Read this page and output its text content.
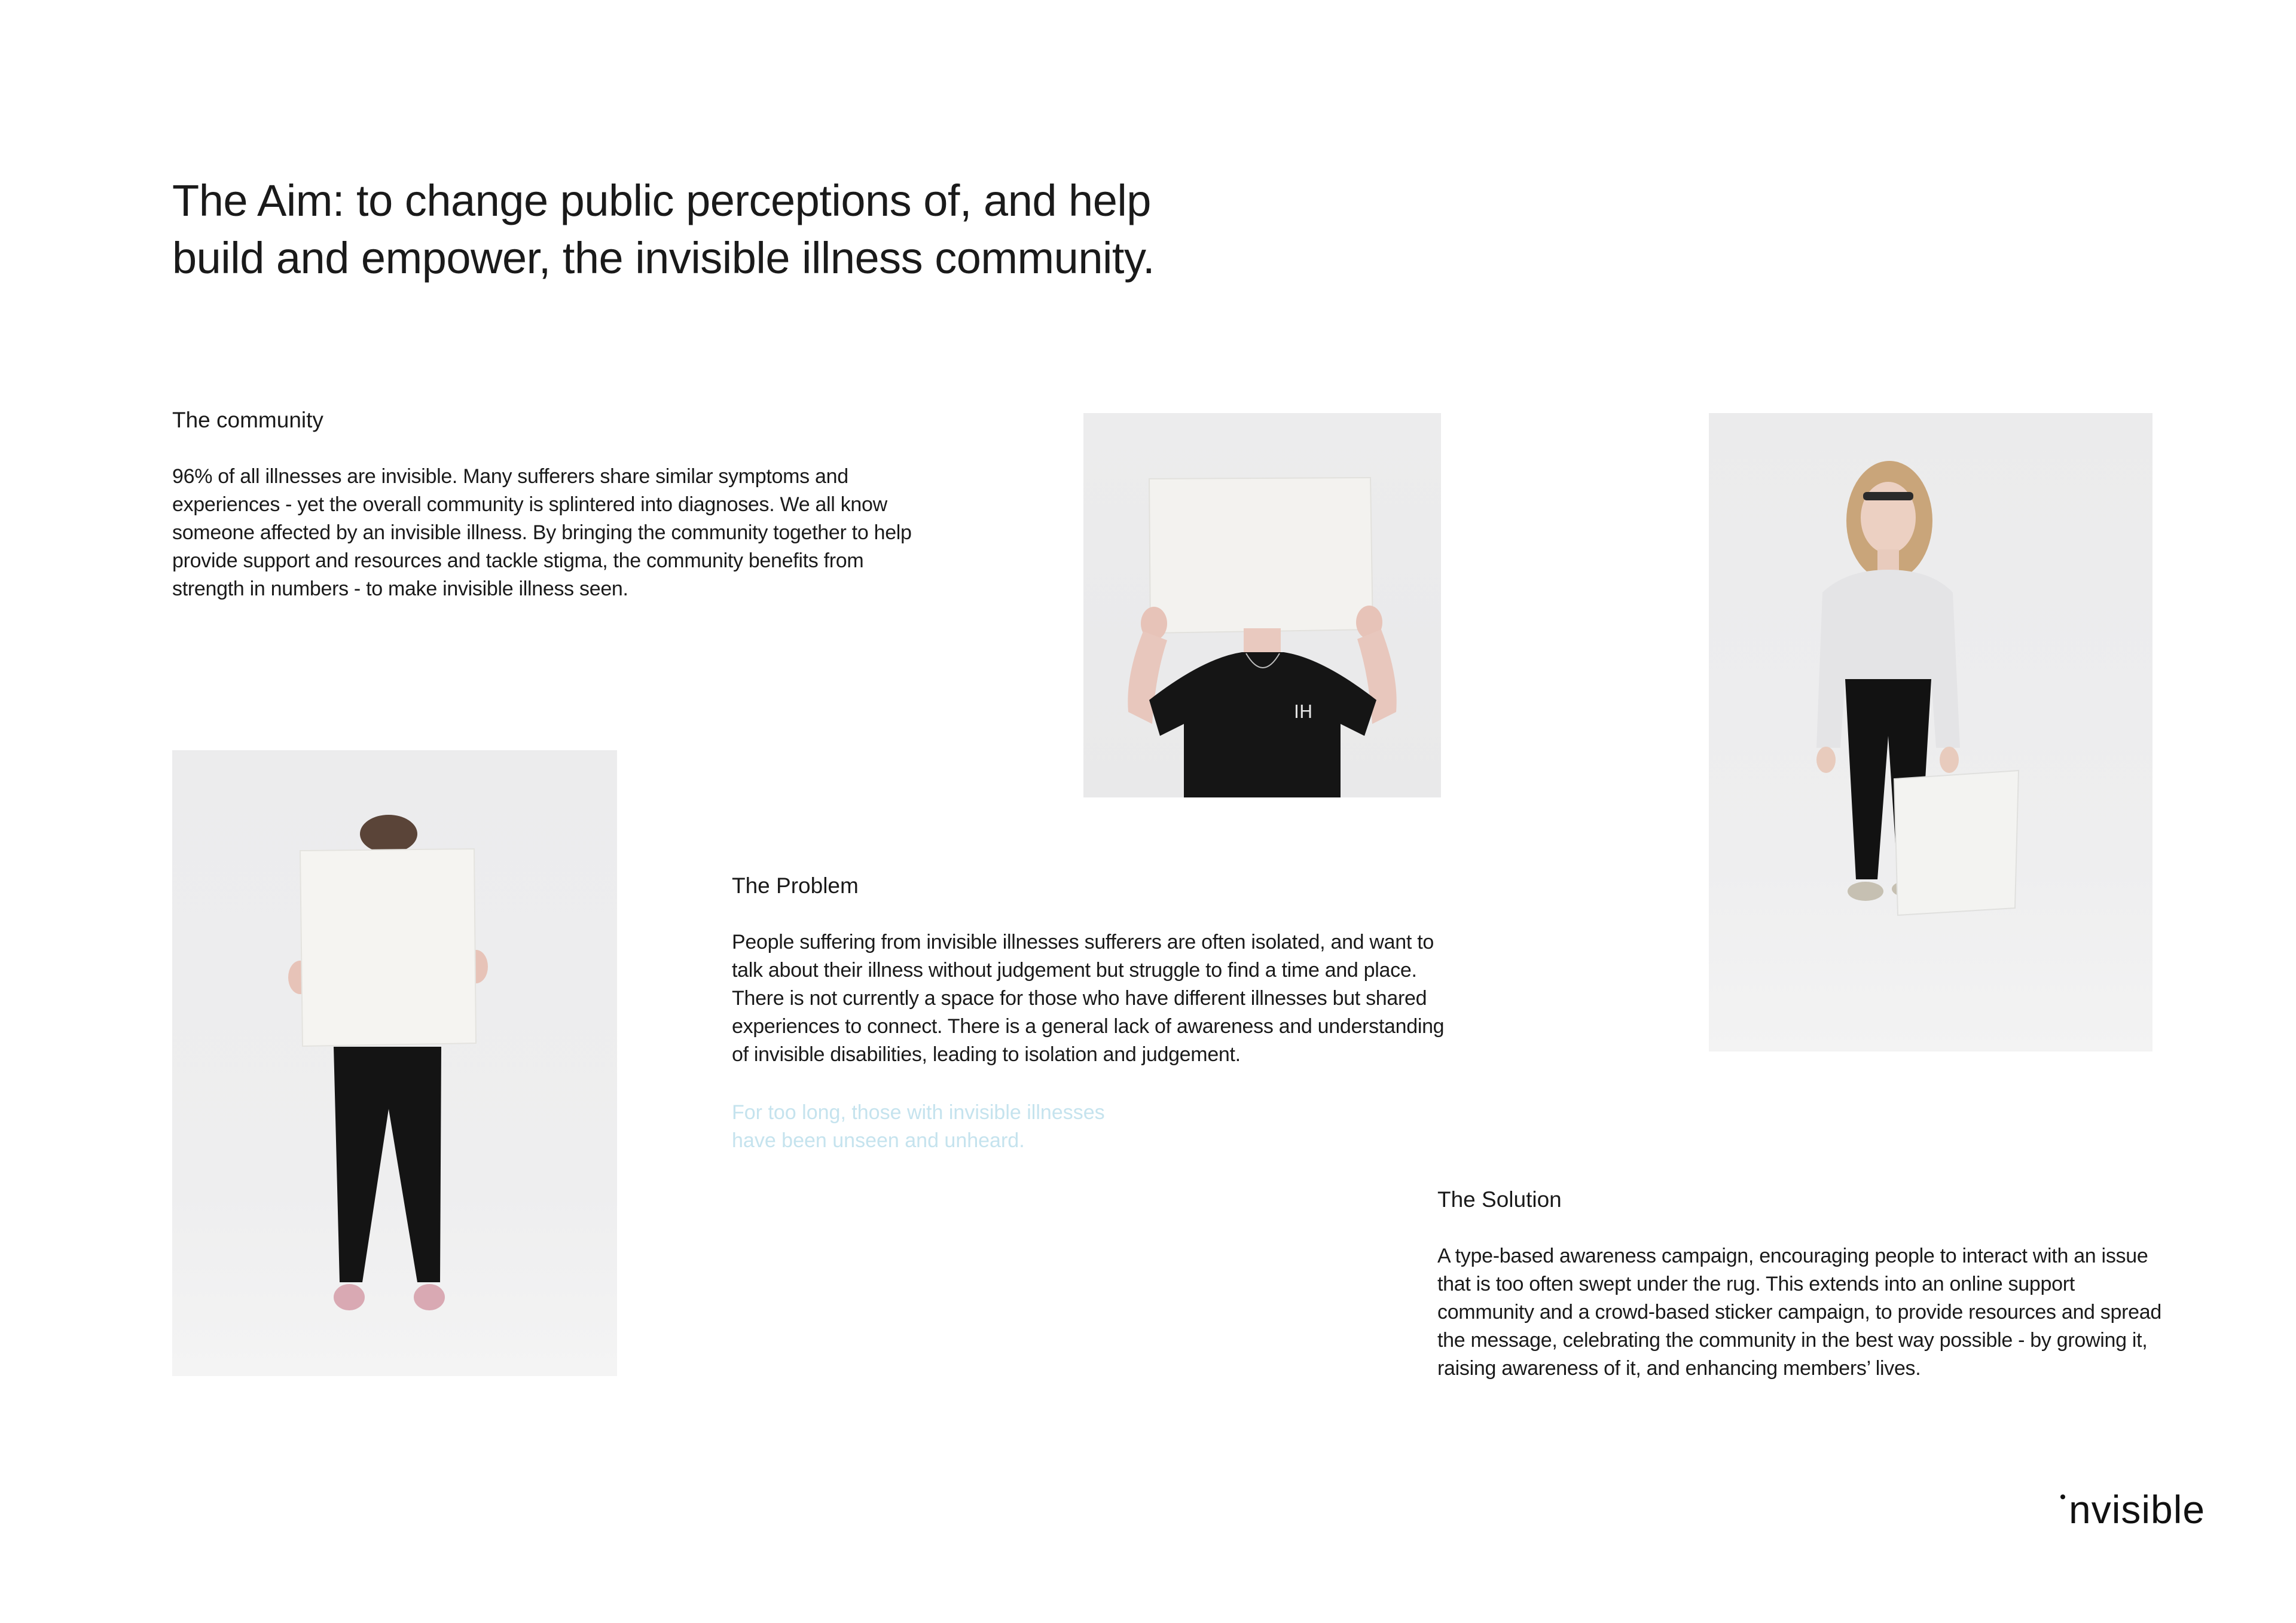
The Aim: to change public perceptions of, and help
build and empower, the invisible illness community.
The community

96% of all illnesses are invisible. Many sufferers share similar symptoms and experiences - yet the overall community is splintered into diagnoses. We all know someone affected by an invisible illness. By bringing the community together to help provide support and resources and tackle stigma, the community benefits from strength in numbers - to make invisible illness seen.

IH
The Problem

People suffering from invisible illnesses sufferers are often isolated, and want to talk about their illness without judgement but struggle to find a time and place. There is not currently a space for those who have different illnesses but shared experiences to connect. There is a general lack of awareness and understanding of invisible disabilities, leading to isolation and judgement.

For too long, those with invisible illnesses
have been unseen and unheard.

The Solution

A type-based awareness campaign, encouraging people to interact with an issue that is too often swept under the rug. This extends into an online support community and a crowd-based sticker campaign, to provide resources and spread the message, celebrating the community in the best way possible - by growing it, raising awareness of it, and enhancing members’ lives.

nvisible
